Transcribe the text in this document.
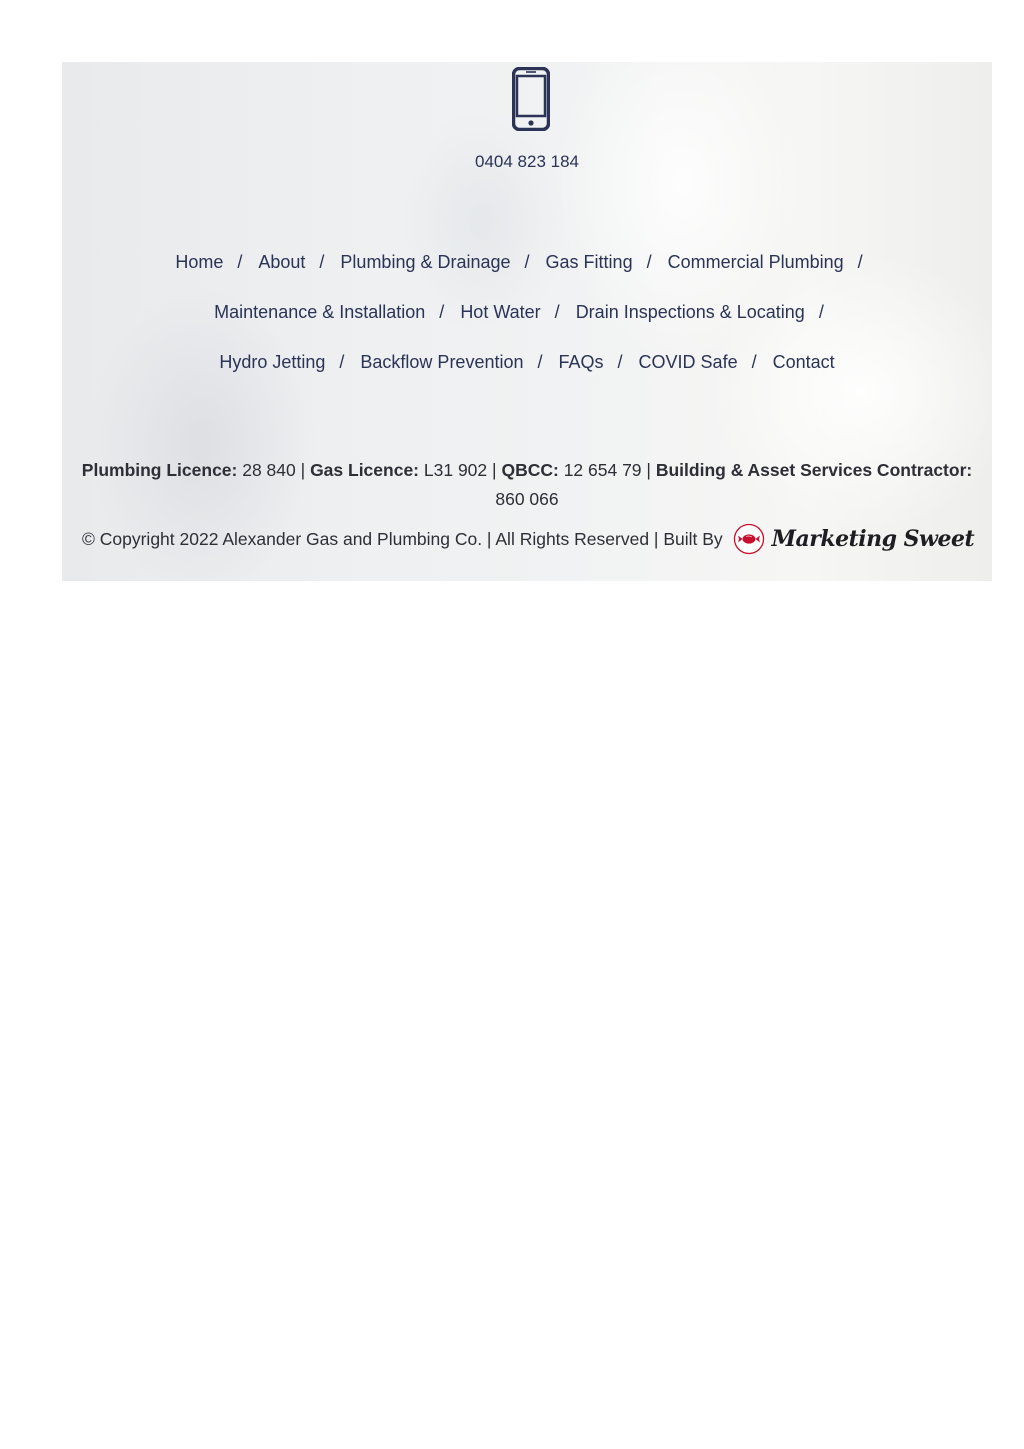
0404 823 184
Home / About / Plumbing & Drainage / Gas Fitting / Commercial Plumbing /
Maintenance & Installation / Hot Water / Drain Inspections & Locating /
Hydro Jetting / Backflow Prevention / FAQs / COVID Safe / Contact
Plumbing Licence: 28 840 | Gas Licence: L31 902 | QBCC: 12 654 79 | Building & Asset Services Contractor: 860 066
© Copyright 2022 Alexander Gas and Plumbing Co. | All Rights Reserved | Built By Marketing Sweet
